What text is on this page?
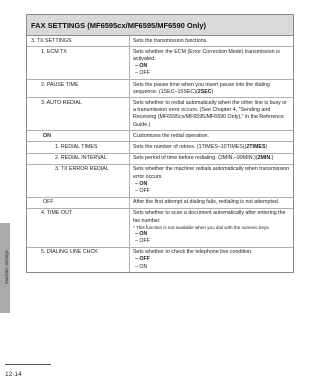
Machine Settings
FAX SETTINGS (MF6595cx/MF6595/MF6590 Only)
3. TX SETTINGS	Sets the transmission functions.
1. ECM TX	Sets whether the ECM (Error Correction Mode) transmission is activated.
– ON
– OFF
2. PAUSE TIME	Sets the pause time when you insert pause into the dialing sequence. (1SEC–15SEC)(2SEC)
3. AUTO REDIAL	Sets whether to redial automatically when the other line is busy or a transmission error occurs. (See Chapter 4, "Sending and Receiving (MF6595cx/MF6595/MF6590 Only)," in the Reference Guide.)
ON	Customizes the redial operation.
1. REDIAL TIMES	Sets the number of retries. (1TIMES–10TIMES)(2TIMES)
2. REDIAL INTERVAL	Sets period of time before redialing. (2MIN.–99MIN.)(2MIN.)
3. TX ERROR REDIAL	Sets whether the machine redials automatically when transmission error occurs.
– ON
– OFF
OFF	After the first attempt at dialing fails, redialing is not attempted.
4. TIME OUT	Sets whether to scan a document automatically after entering the fax number.
* This function is not available when you dial with the numeric keys.
– ON
– OFF
5. DIALING LINE CHCK	Sets whether to check the telephone line condition.
– OFF
– ON
12-14
